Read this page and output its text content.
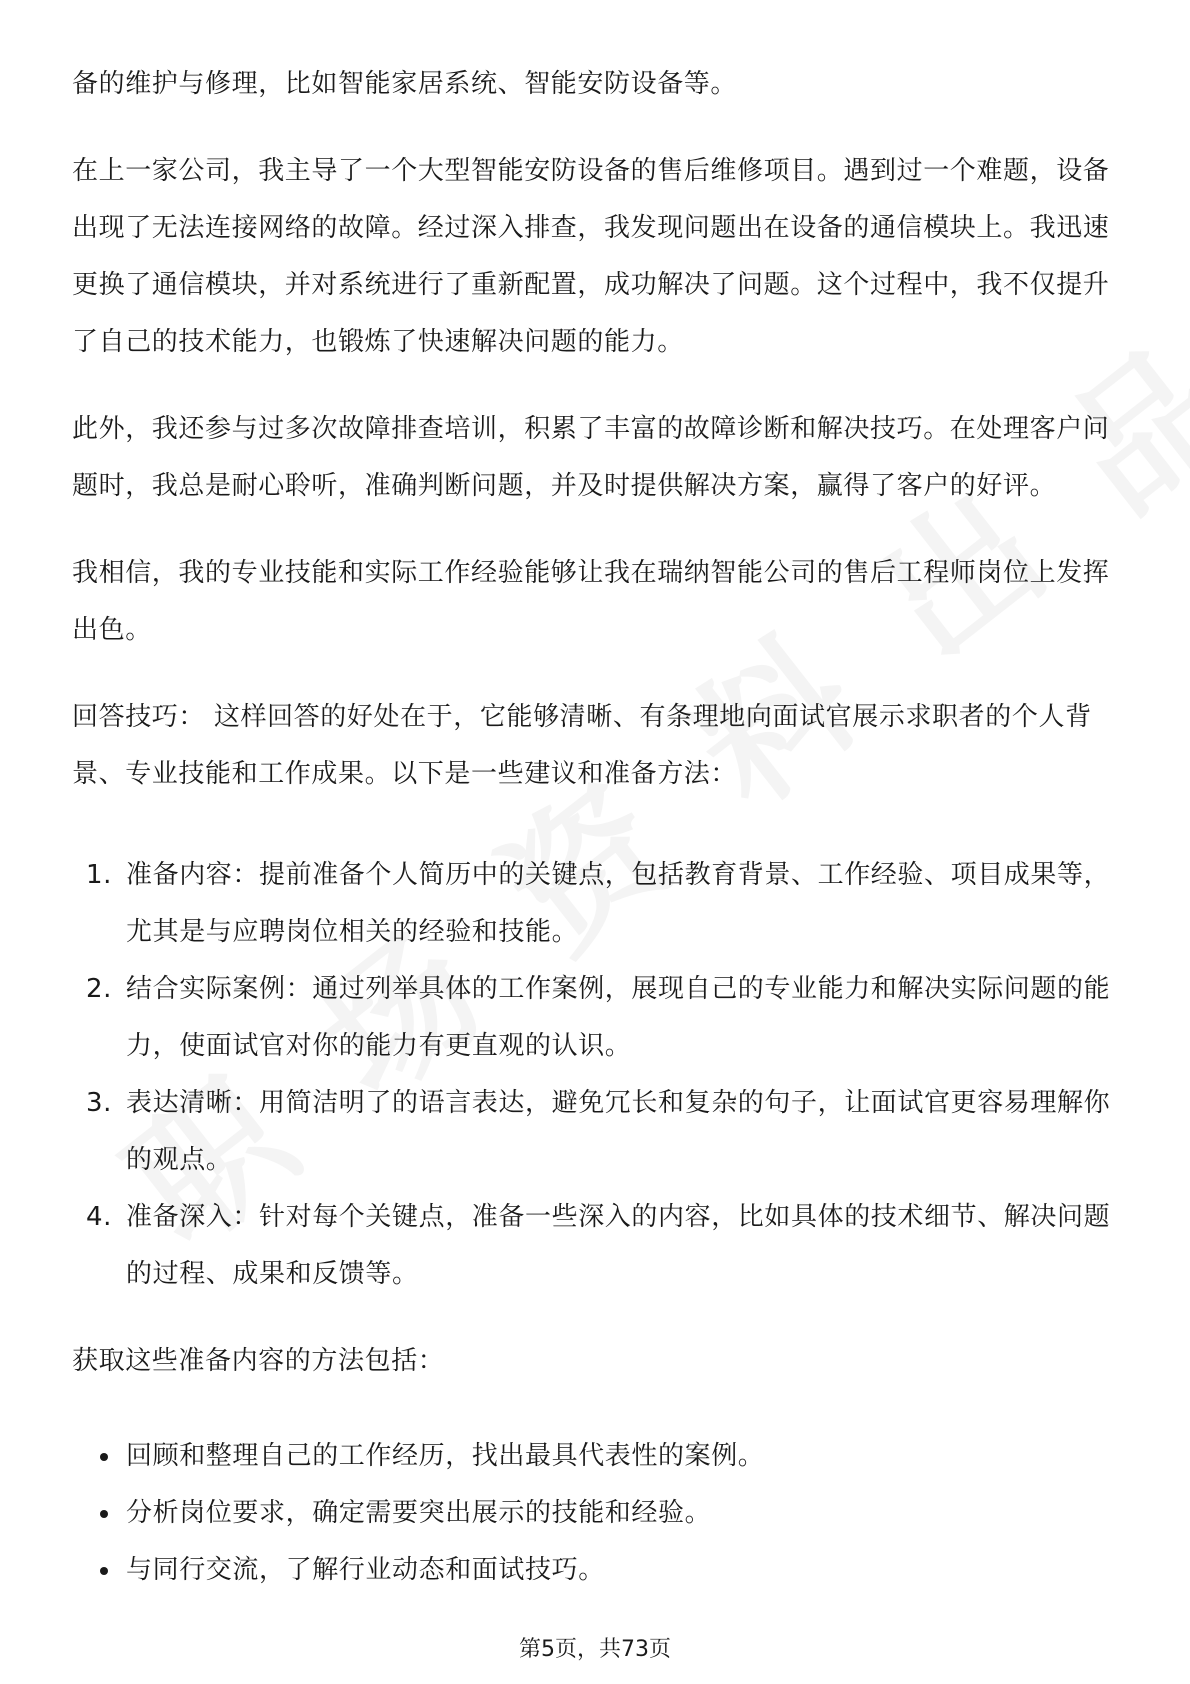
备的维护与修理，比如智能家居系统、智能安防设备等。

在上一家公司，我主导了一个大型智能安防设备的售后维修项目。遇到过一个难题，设备出现了无法连接网络的故障。经过深入排查，我发现问题出在设备的通信模块上。我迅速更换了通信模块，并对系统进行了重新配置，成功解决了问题。这个过程中，我不仅提升了自己的技术能力，也锻炼了快速解决问题的能力。

此外，我还参与过多次故障排查培训，积累了丰富的故障诊断和解决技巧。在处理客户问题时，我总是耐心聆听，准确判断问题，并及时提供解决方案，赢得了客户的好评。

我相信，我的专业技能和实际工作经验能够让我在瑞纳智能公司的售后工程师岗位上发挥出色。

回答技巧： 这样回答的好处在于，它能够清晰、有条理地向面试官展示求职者的个人背景、专业技能和工作成果。以下是一些建议和准备方法：

1. 准备内容：提前准备个人简历中的关键点，包括教育背景、工作经验、项目成果等，尤其是与应聘岗位相关的经验和技能。
2. 结合实际案例：通过列举具体的工作案例，展现自己的专业能力和解决实际问题的能力，使面试官对你的能力有更直观的认识。
3. 表达清晰：用简洁明了的语言表达，避免冗长和复杂的句子，让面试官更容易理解你的观点。
4. 准备深入：针对每个关键点，准备一些深入的内容，比如具体的技术细节、解决问题的过程、成果和反馈等。

获取这些准备内容的方法包括：

回顾和整理自己的工作经历，找出最具代表性的案例。
分析岗位要求，确定需要突出展示的技能和经验。
与同行交流，了解行业动态和面试技巧。
第5页，共73页
